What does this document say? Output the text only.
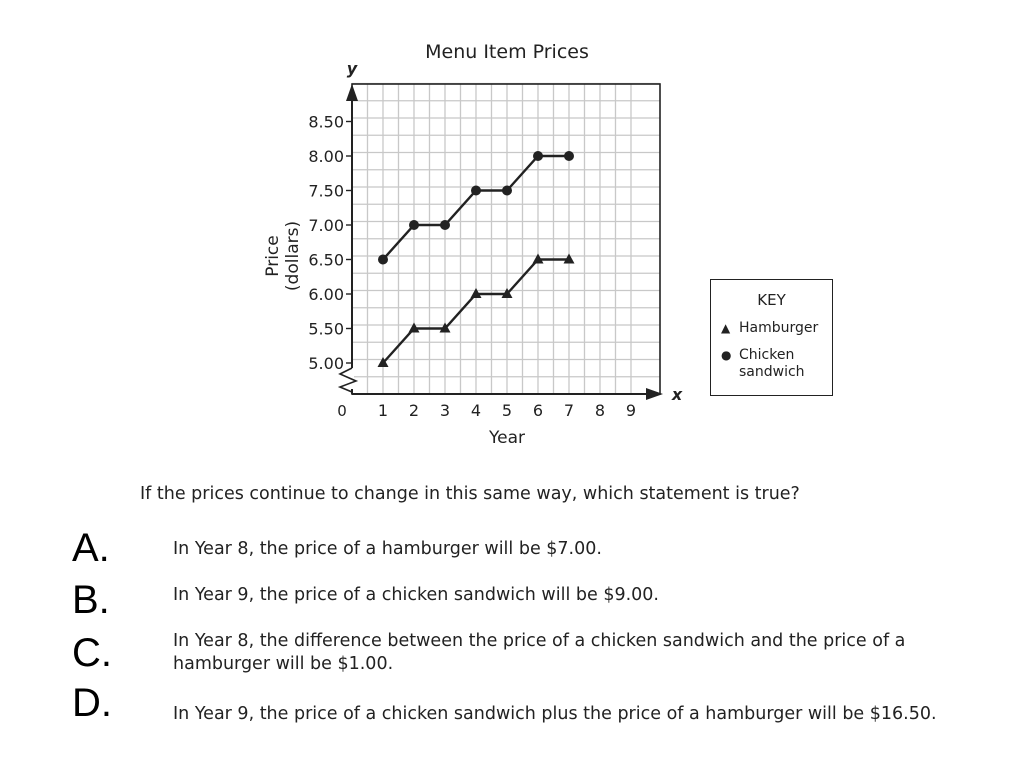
Menu Item Prices
y
x
0
5.00
5.50
6.00
6.50
7.00
7.50
8.00
8.50
1 2 3 4 5 6 7 8 9
Year
Price (dollars)
KEY
▲ Hamburger
● Chicken sandwich
If the prices continue to change in this same way, which statement is true?
A.	In Year 8, the price of a hamburger will be $7.00.
B.	In Year 9, the price of a chicken sandwich will be $9.00.
C.	In Year 8, the difference between the price of a chicken sandwich and the price of a hamburger will be $1.00.
D.	In Year 9, the price of a chicken sandwich plus the price of a hamburger will be $16.50.
